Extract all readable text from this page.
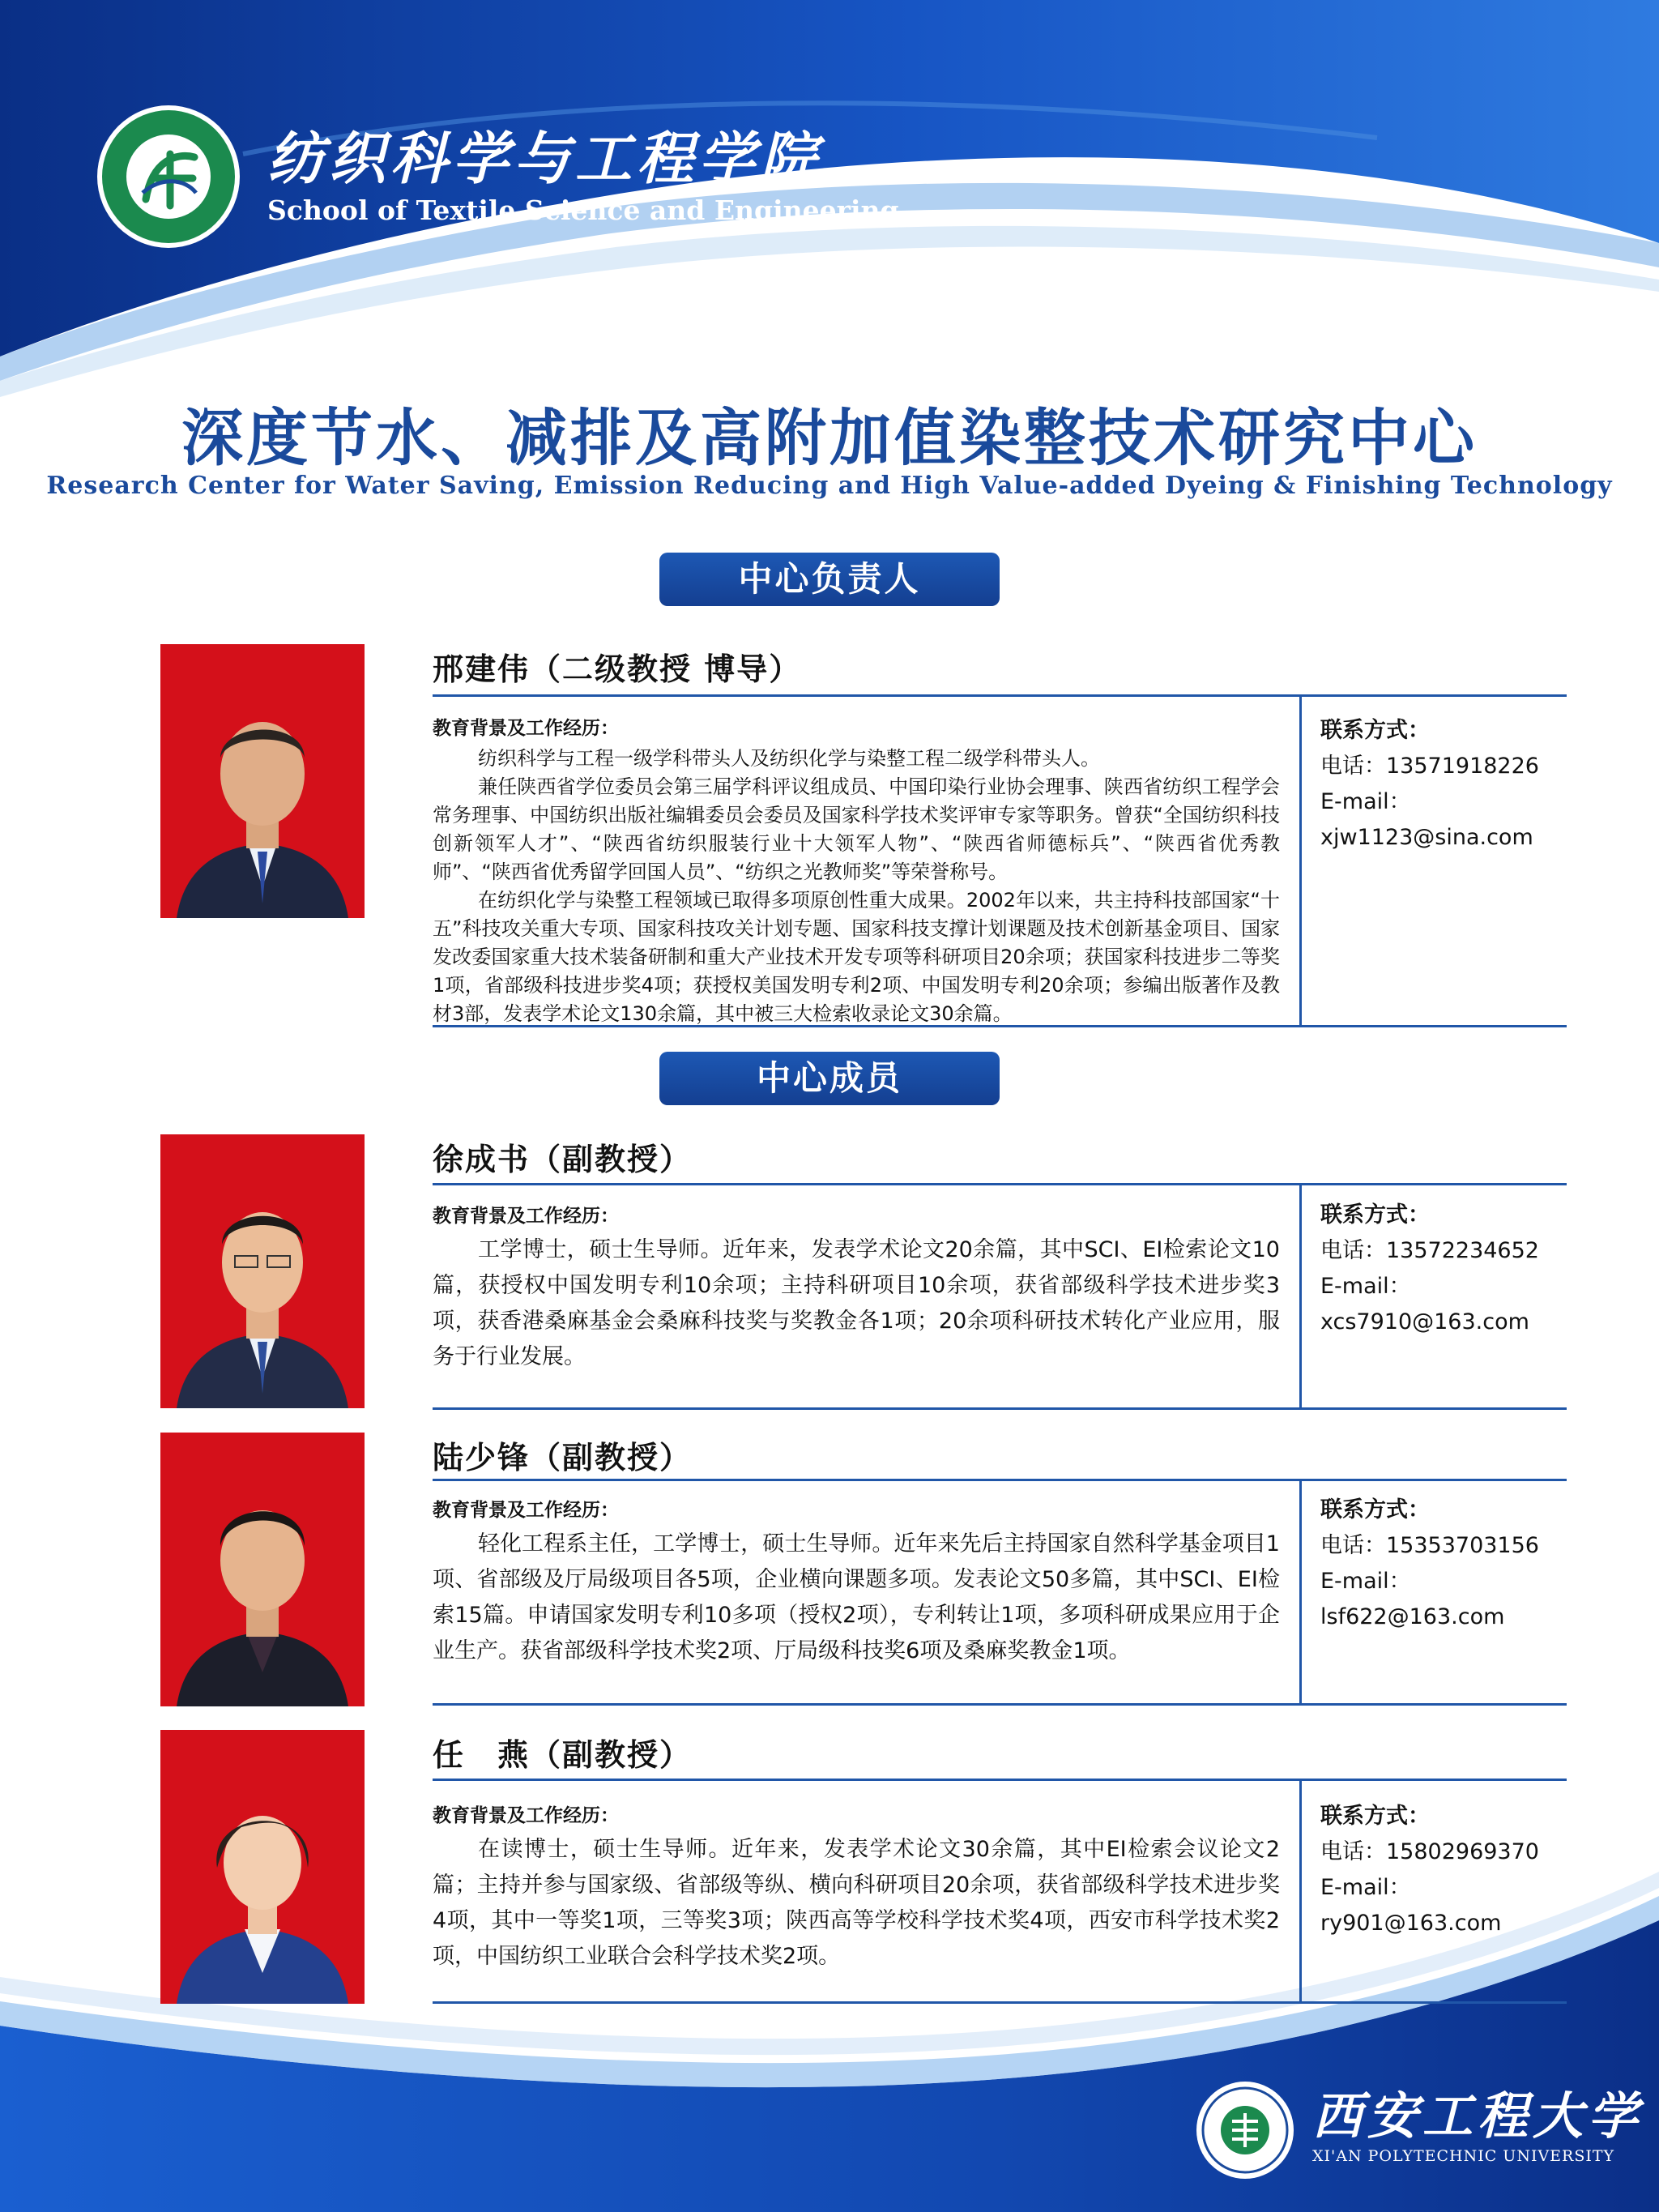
纺织科学与工程学院
School of Textile Science and Engineering
深度节水、减排及高附加值染整技术研究中心
Research Center for Water Saving, Emission Reducing and High Value-added Dyeing & Finishing Technology
中心负责人
邢建伟（二级教授 博导）
教育背景及工作经历：

纺织科学与工程一级学科带头人及纺织化学与染整工程二级学科带头人。

兼任陕西省学位委员会第三届学科评议组成员、中国印染行业协会理事、陕西省纺织工程学会常务理事、中国纺织出版社编辑委员会委员及国家科学技术奖评审专家等职务。曾获“全国纺织科技创新领军人才”、“陕西省纺织服装行业十大领军人物”、“陕西省师德标兵”、“陕西省优秀教师”、“陕西省优秀留学回国人员”、“纺织之光教师奖”等荣誉称号。

在纺织化学与染整工程领域已取得多项原创性重大成果。2002年以来，共主持科技部国家“十五”科技攻关重大专项、国家科技攻关计划专题、国家科技支撑计划课题及技术创新基金项目、国家发改委国家重大技术装备研制和重大产业技术开发专项等科研项目20余项；获国家科技进步二等奖1项，省部级科技进步奖4项；获授权美国发明专利2项、中国发明专利20余项；参编出版著作及教材3部，发表学术论文130余篇，其中被三大检索收录论文30余篇。

联系方式：
电话：13571918226
E-mail：
xjw1123@sina.com
中心成员
徐成书（副教授）
教育背景及工作经历：

工学博士，硕士生导师。近年来，发表学术论文20余篇，其中SCI、EI检索论文10篇，获授权中国发明专利10余项；主持科研项目10余项，获省部级科学技术进步奖3项，获香港桑麻基金会桑麻科技奖与奖教金各1项；20余项科研技术转化产业应用，服务于行业发展。

联系方式：
电话：13572234652
E-mail：
xcs7910@163.com
陆少锋（副教授）
教育背景及工作经历：

轻化工程系主任，工学博士，硕士生导师。近年来先后主持国家自然科学基金项目1项、省部级及厅局级项目各5项，企业横向课题多项。发表论文50多篇，其中SCI、EI检索15篇。申请国家发明专利10多项（授权2项），专利转让1项，多项科研成果应用于企业生产。获省部级科学技术奖2项、厅局级科技奖6项及桑麻奖教金1项。

联系方式：
电话：15353703156
E-mail：
lsf622@163.com
任　燕（副教授）
教育背景及工作经历：

在读博士，硕士生导师。近年来，发表学术论文30余篇，其中EI检索会议论文2篇；主持并参与国家级、省部级等纵、横向科研项目20余项，获省部级科学技术进步奖4项，其中一等奖1项，三等奖3项；陕西高等学校科学技术奖4项，西安市科学技术奖2项，中国纺织工业联合会科学技术奖2项。

联系方式：
电话：15802969370
E-mail：
ry901@163.com
西安工程大学
XI'AN POLYTECHNIC UNIVERSITY
